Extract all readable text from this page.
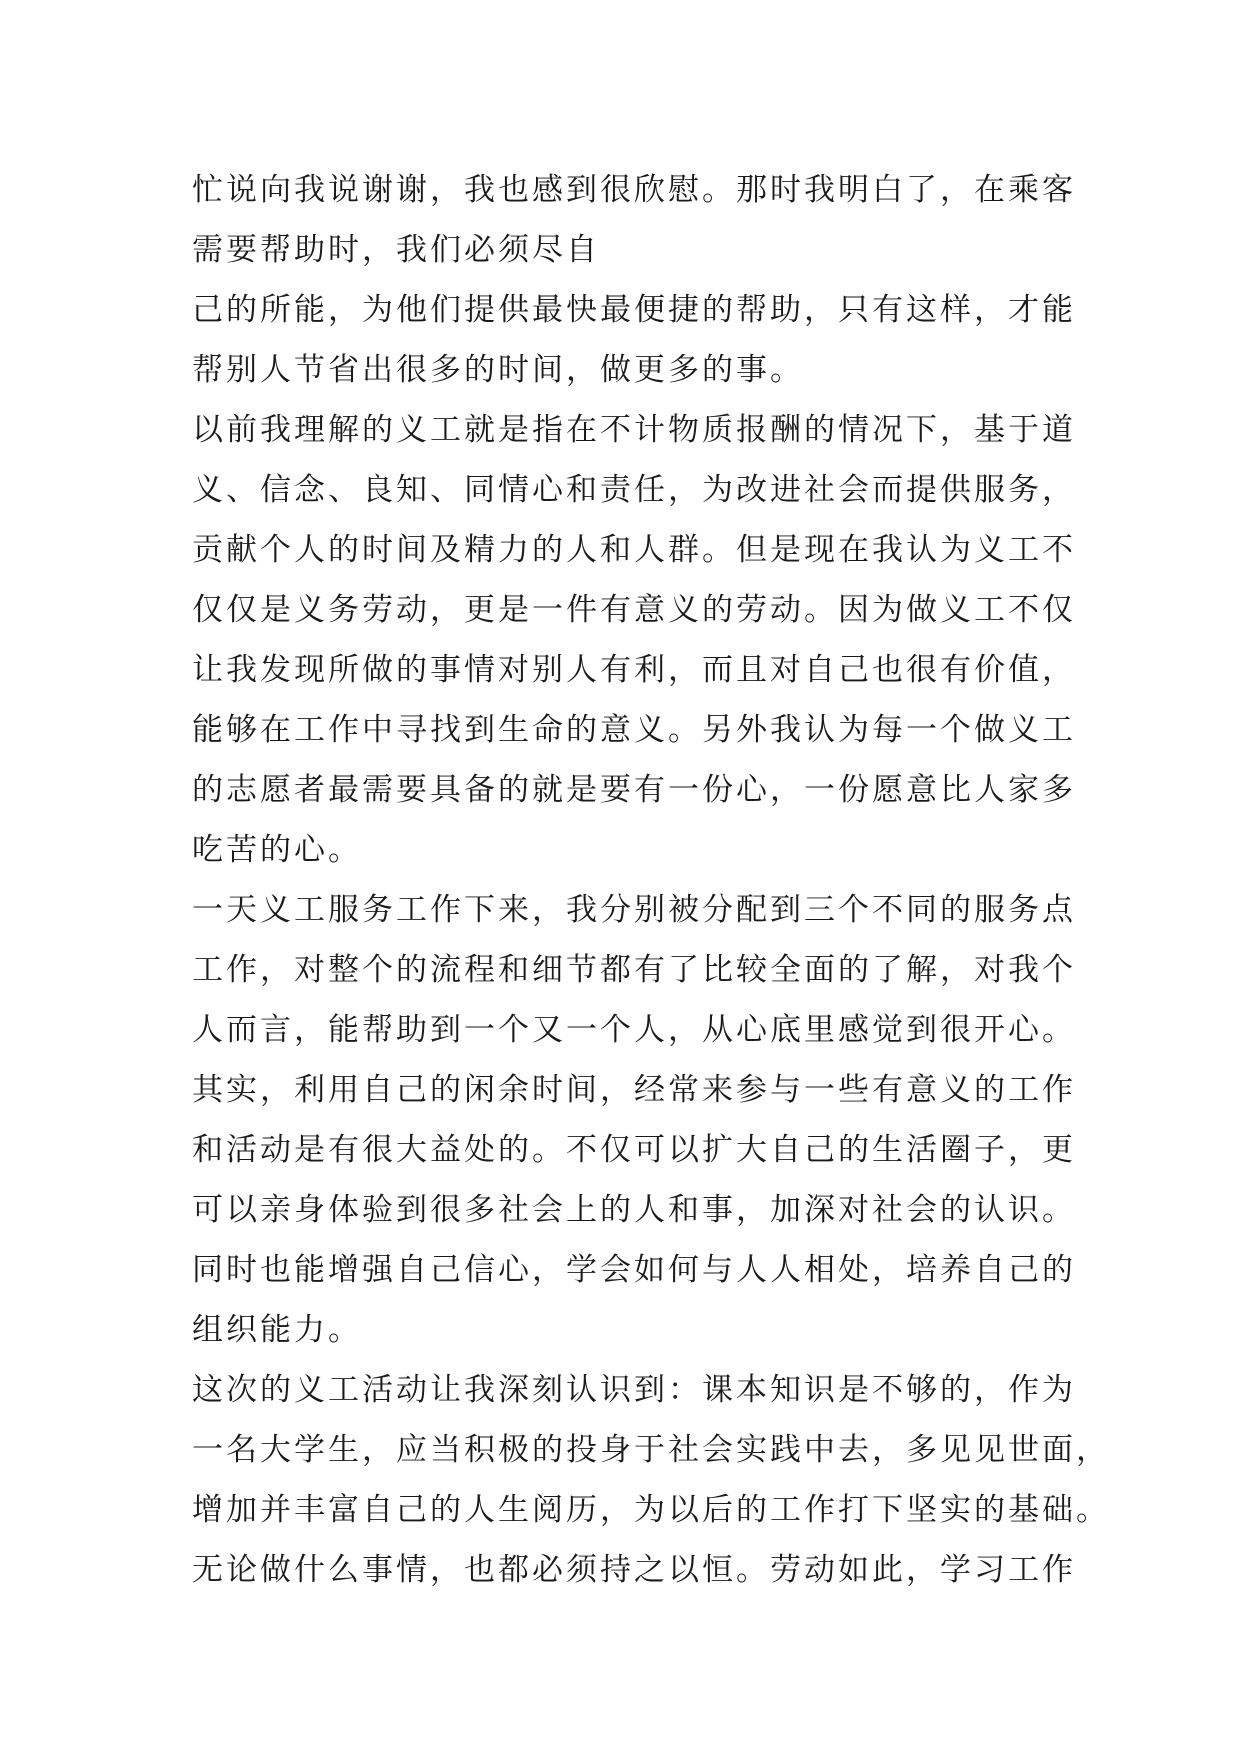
忙说向我说谢谢，我也感到很欣慰。那时我明白了，在乘客
需要帮助时，我们必须尽自
己的所能，为他们提供最快最便捷的帮助，只有这样，才能
帮别人节省出很多的时间，做更多的事。
以前我理解的义工就是指在不计物质报酬的情况下，基于道
义、信念、良知、同情心和责任，为改进社会而提供服务，
贡献个人的时间及精力的人和人群。但是现在我认为义工不
仅仅是义务劳动，更是一件有意义的劳动。因为做义工不仅
让我发现所做的事情对别人有利，而且对自己也很有价值，
能够在工作中寻找到生命的意义。另外我认为每一个做义工
的志愿者最需要具备的就是要有一份心，一份愿意比人家多
吃苦的心。
一天义工服务工作下来，我分别被分配到三个不同的服务点
工作，对整个的流程和细节都有了比较全面的了解，对我个
人而言，能帮助到一个又一个人，从心底里感觉到很开心。
其实，利用自己的闲余时间，经常来参与一些有意义的工作
和活动是有很大益处的。不仅可以扩大自己的生活圈子，更
可以亲身体验到很多社会上的人和事，加深对社会的认识。
同时也能增强自己信心，学会如何与人人相处，培养自己的
组织能力。
这次的义工活动让我深刻认识到：课本知识是不够的，作为
一名大学生，应当积极的投身于社会实践中去，多见见世面，
增加并丰富自己的人生阅历，为以后的工作打下坚实的基础。
无论做什么事情，也都必须持之以恒。劳动如此，学习工作
